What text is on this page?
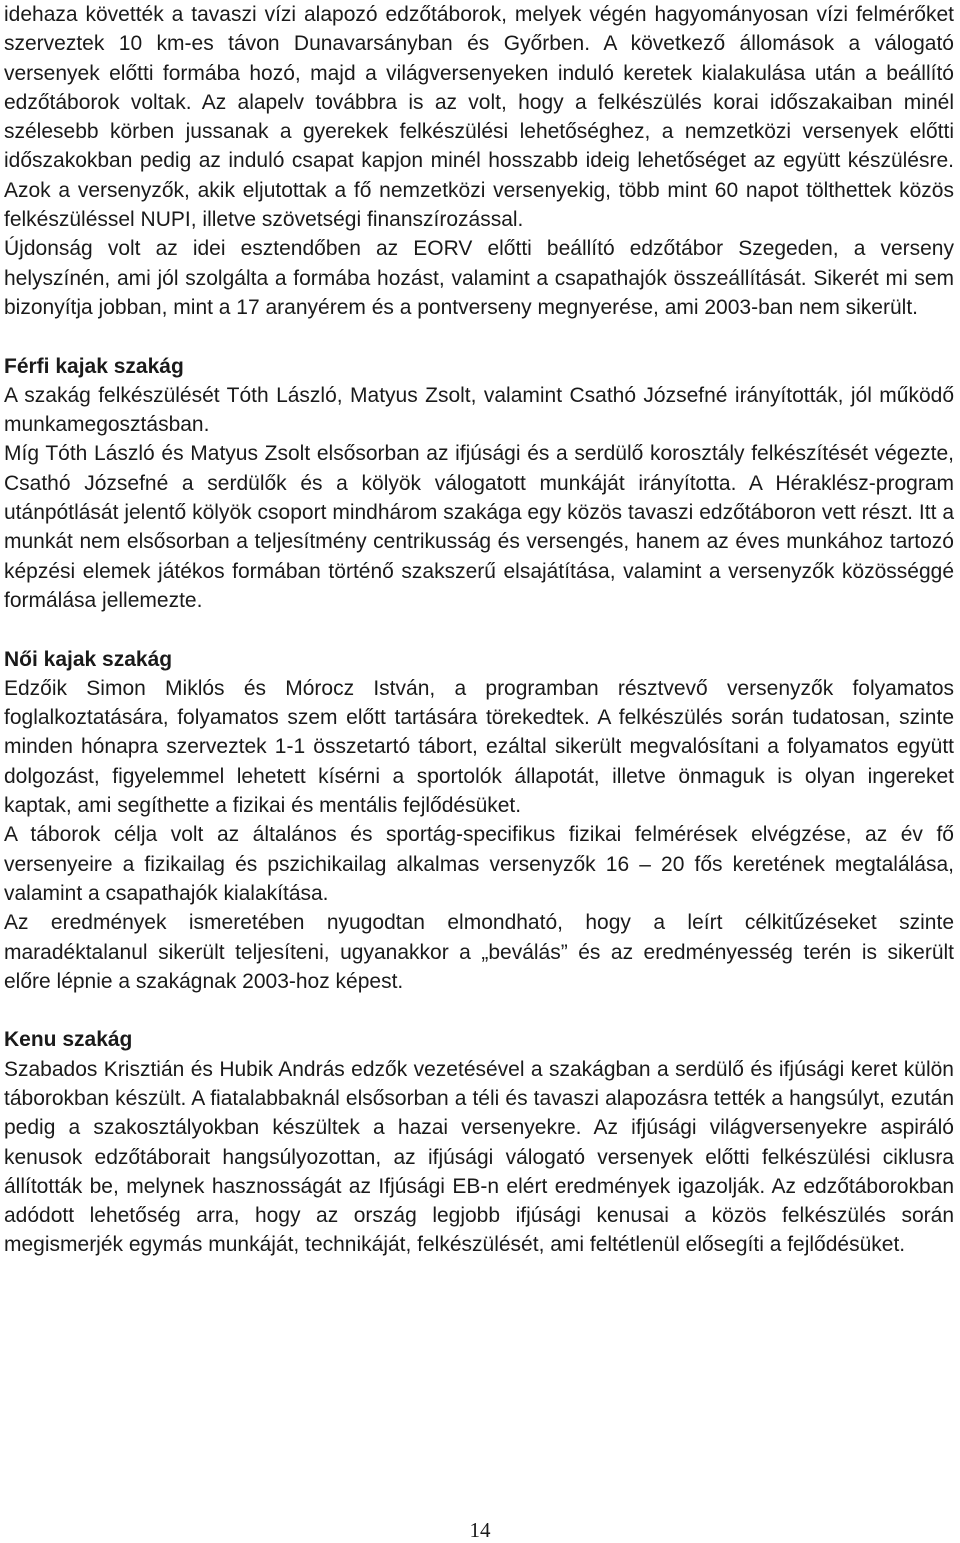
idehaza követték a tavaszi vízi alapozó edzőtáborok, melyek végén hagyományosan vízi felmérőket szerveztek 10 km-es távon Dunavarsányban és Győrben. A következő állomások a válogató versenyek előtti formába hozó, majd a világversenyeken induló keretek kialakulása után a beállító edzőtáborok voltak. Az alapelv továbbra is az volt, hogy a felkészülés korai időszakaiban minél szélesebb körben jussanak a gyerekek felkészülési lehetőséghez, a nemzetközi versenyek előtti időszakokban pedig az induló csapat kapjon minél hosszabb ideig lehetőséget az együtt készülésre. Azok a versenyzők, akik eljutottak a fő nemzetközi versenyekig, több mint 60 napot tölthettek közös felkészüléssel NUPI, illetve szövetségi finanszírozással.

Újdonság volt az idei esztendőben az EORV előtti beállító edzőtábor Szegeden, a verseny helyszínén, ami jól szolgálta a formába hozást, valamint a csapathajók összeállítását. Sikerét mi sem bizonyítja jobban, mint a 17 aranyérem és a pontverseny megnyerése, ami 2003-ban nem sikerült.

Férfi kajak szakág

A szakág felkészülését Tóth László, Matyus Zsolt, valamint Csathó Józsefné irányították, jól működő munkamegosztásban.

Míg Tóth László és Matyus Zsolt elsősorban az ifjúsági és a serdülő korosztály felkészítését végezte, Csathó Józsefné a serdülők és a kölyök válogatott munkáját irányította. A Héraklész-program utánpótlását jelentő kölyök csoport mindhárom szakága egy közös tavaszi edzőtáboron vett részt. Itt a munkát nem elsősorban a teljesítmény centrikusság és versengés, hanem az éves munkához tartozó képzési elemek játékos formában történő szakszerű elsajátítása, valamint a versenyzők közösséggé formálása jellemezte.

Női kajak szakág

Edzőik Simon Miklós és Mórocz István, a programban résztvevő versenyzők folyamatos foglalkoztatására, folyamatos szem előtt tartására törekedtek. A felkészülés során tudatosan, szinte minden hónapra szerveztek 1-1 összetartó tábort, ezáltal sikerült megvalósítani a folyamatos együtt dolgozást, figyelemmel lehetett kísérni a sportolók állapotát, illetve önmaguk is olyan ingereket kaptak, ami segíthette a fizikai és mentális fejlődésüket.

A táborok célja volt az általános és sportág-specifikus fizikai felmérések elvégzése, az év fő versenyeire a fizikailag és pszichikailag alkalmas versenyzők 16 – 20 fős keretének megtalálása, valamint a csapathajók kialakítása.

Az eredmények ismeretében nyugodtan elmondható, hogy a leírt célkitűzéseket szinte maradéktalanul sikerült teljesíteni, ugyanakkor a „beválás” és az eredményesség terén is sikerült előre lépnie a szakágnak 2003-hoz képest.

Kenu szakág

Szabados Krisztián és Hubik András edzők vezetésével a szakágban a serdülő és ifjúsági keret külön táborokban készült. A fiatalabbaknál elsősorban a téli és tavaszi alapozásra tették a hangsúlyt, ezután pedig a szakosztályokban készültek a hazai versenyekre. Az ifjúsági világversenyekre aspiráló kenusok edzőtáborait hangsúlyozottan, az ifjúsági válogató versenyek előtti felkészülési ciklusra állították be, melynek hasznosságát az Ifjúsági EB-n elért eredmények igazolják. Az edzőtáborokban adódott lehetőség arra, hogy az ország legjobb ifjúsági kenusai a közös felkészülés során megismerjék egymás munkáját, technikáját, felkészülését, ami feltétlenül elősegíti a fejlődésüket.

14
